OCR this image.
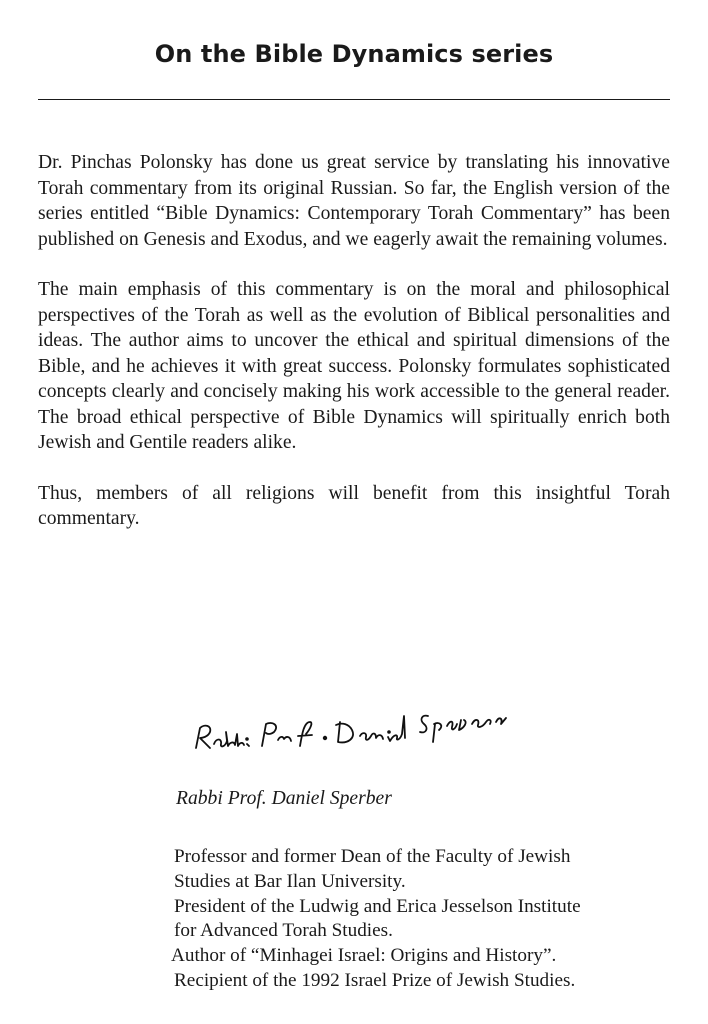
On the Bible Dynamics series

Dr. Pinchas Polonsky has done us great service by translating his innovative Torah commentary from its original Russian. So far, the English version of the series entitled “Bible Dynamics: Contemporary Torah Commentary” has been published on Genesis and Exodus, and we eagerly await the remaining volumes.

The main emphasis of this commentary is on the moral and philosophical perspectives of the Torah as well as the evolution of Biblical personalities and ideas. The author aims to uncover the ethical and spiritual dimensions of the Bible, and he achieves it with great success. Polonsky formulates sophisticated concepts clearly and concisely making his work accessible to the general reader. The broad ethical perspective of Bible Dynamics will spiritually enrich both Jewish and Gentile readers alike.

Thus, members of all religions will benefit from this insightful Torah commentary.

Rabbi Prof. Daniel Sperber

Professor and former Dean of the Faculty of Jewish
Studies at Bar Ilan University.
President of the Ludwig and Erica Jesselson Institute
for Advanced Torah Studies.
Author of “Minhagei Israel: Origins and History”.
Recipient of the 1992 Israel Prize of Jewish Studies.
